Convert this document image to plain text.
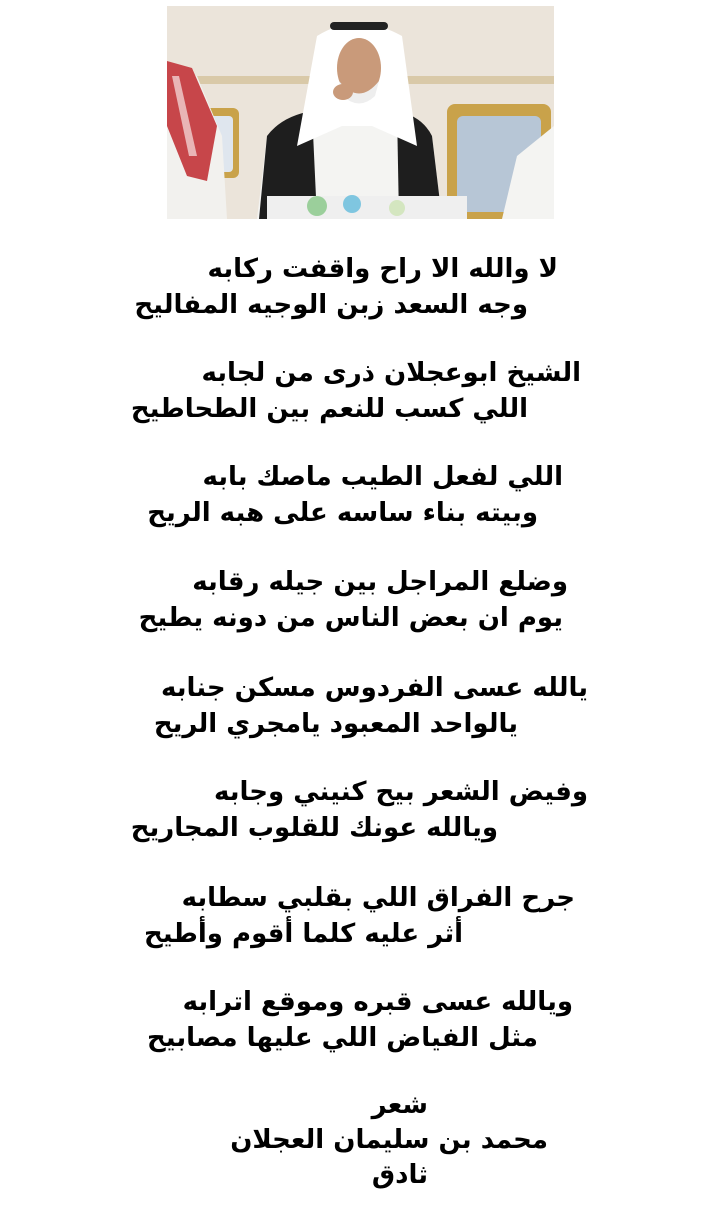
لا والله الا راح واقفت ركابه
وجه السعد زبن الوجيه المفاليح
الشيخ ابوعجلان ذرى من لجابه
اللي كسب للنعم بين الطحاطيح
اللي لفعل الطيب ماصك بابه
وبيته بناء ساسه على هبه الريح
وضلع المراجل بين جيله رقابه
يوم ان بعض الناس من دونه يطيح
يالله عسى الفردوس مسكن جنابه
يالواحد المعبود يامجري الريح
وفيض الشعر بيح كنيني وجابه
ويالله عونك للقلوب المجاريح
جرح الفراق اللي بقلبي سطابه
أثر عليه كلما أقوم وأطيح
ويالله عسى قبره وموقع اترابه
مثل الفياض اللي عليها مصابيح
شعر
محمد بن سليمان العجلان
ثادق
